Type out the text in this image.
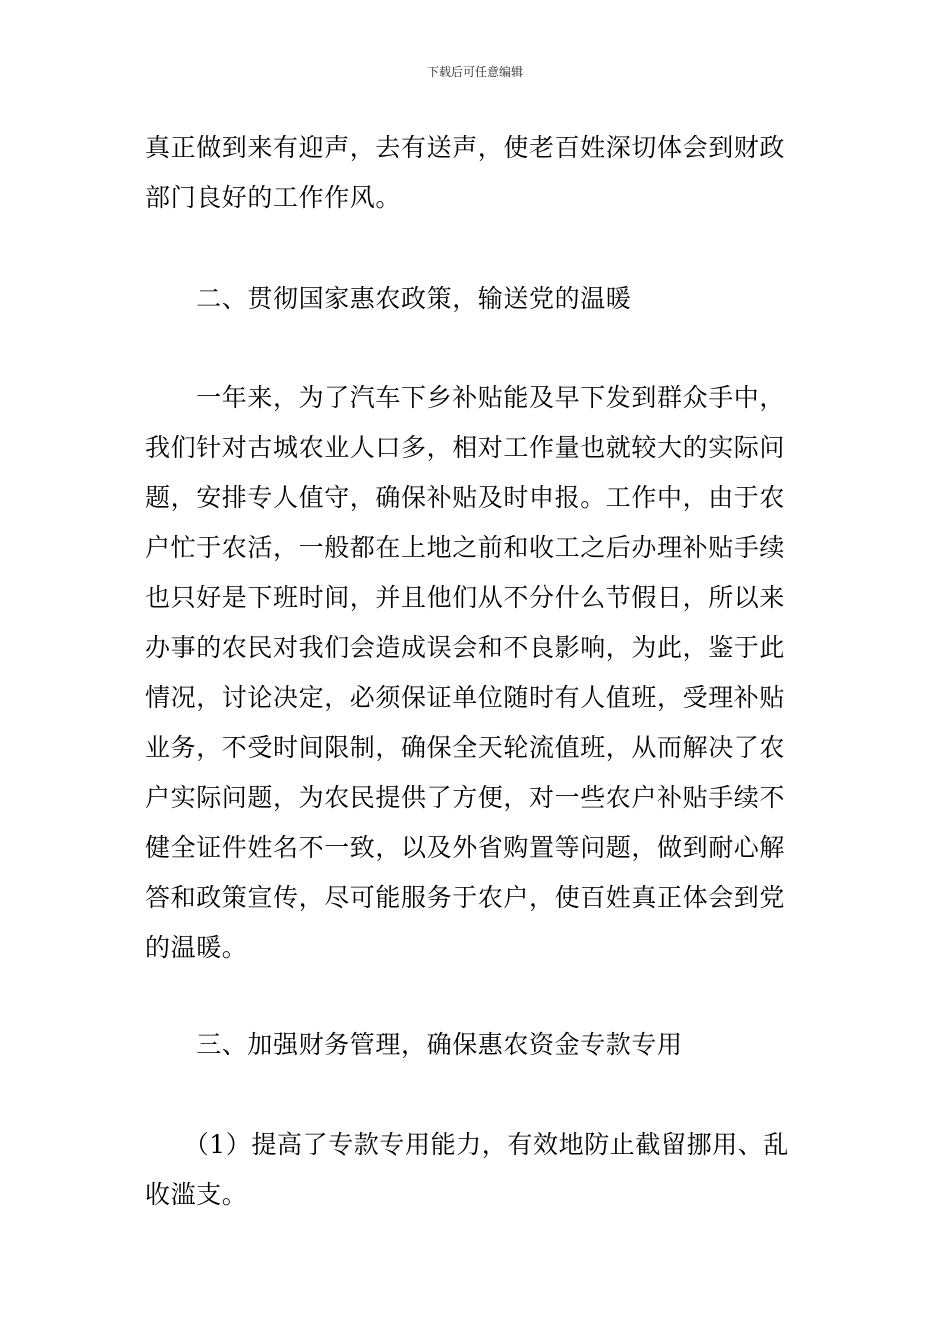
下载后可任意编辑
真正做到来有迎声，去有送声，使老百姓深切体会到财政
部门良好的工作作风。
　　二、贯彻国家惠农政策，输送党的温暖
　　一年来，为了汽车下乡补贴能及早下发到群众手中，
我们针对古城农业人口多，相对工作量也就较大的实际问
题，安排专人值守，确保补贴及时申报。工作中，由于农
户忙于农活，一般都在上地之前和收工之后办理补贴手续
也只好是下班时间，并且他们从不分什么节假日，所以来
办事的农民对我们会造成误会和不良影响，为此，鉴于此
情况，讨论决定，必须保证单位随时有人值班，受理补贴
业务，不受时间限制，确保全天轮流值班，从而解决了农
户实际问题，为农民提供了方便，对一些农户补贴手续不
健全证件姓名不一致，以及外省购置等问题，做到耐心解
答和政策宣传，尽可能服务于农户，使百姓真正体会到党
的温暖。
　　三、加强财务管理，确保惠农资金专款专用
　　（1）提高了专款专用能力，有效地防止截留挪用、乱
收滥支。
